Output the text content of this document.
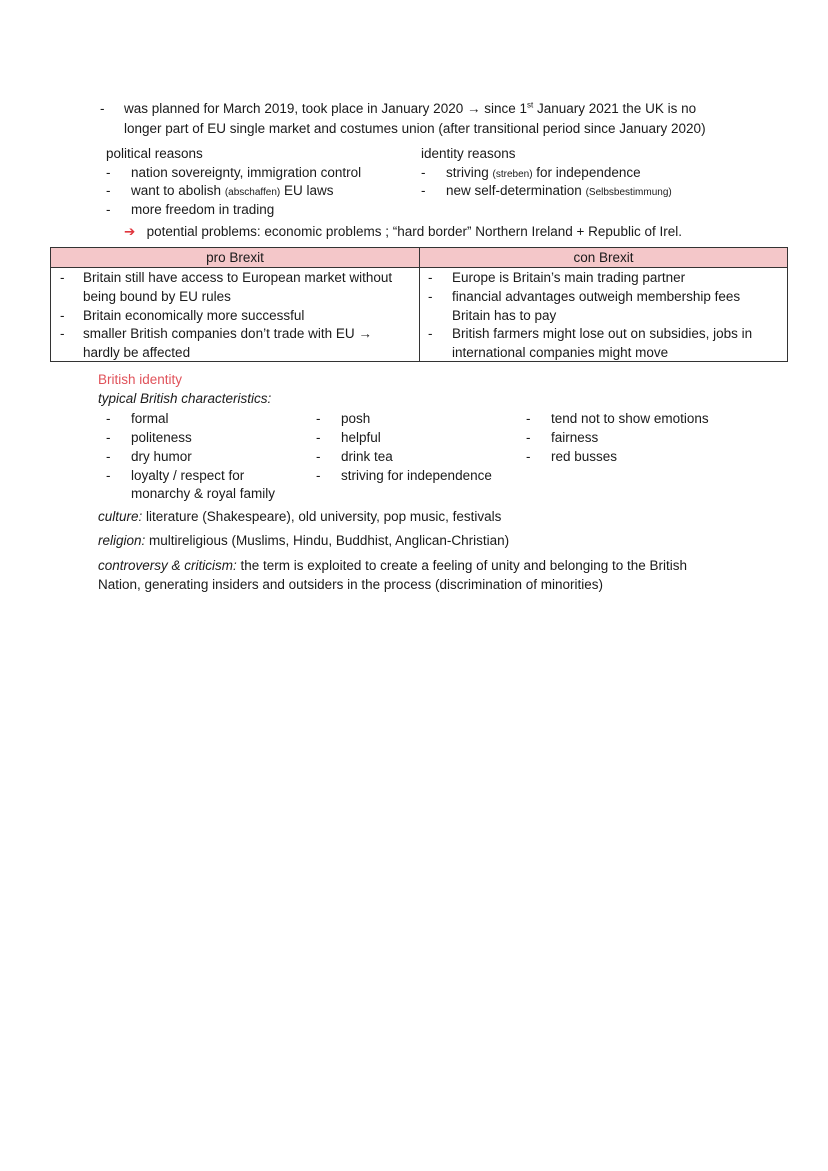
- was planned for March 2019, took place in January 2020 → since 1st January 2021 the UK is no
longer part of EU single market and costumes union (after transitional period since January 2020)
political reasons
- nation sovereignty, immigration control
- want to abolish (abschaffen) EU laws
- more freedom in trading
identity reasons
- striving (streben) for independence
- new self-determination (Selbsbestimmung)
➔ potential problems: economic problems ; “hard border” Northern Ireland + Republic of Irel.
pro Brexit	con Brexit
- Britain still have access to European market without
being bound by EU rules
- Britain economically more successful
- smaller British companies don’t trade with EU →
hardly be affected
- Europe is Britain’s main trading partner
- financial advantages outweigh membership fees
Britain has to pay
- British farmers might lose out on subsidies, jobs in
international companies might move
British identity
typical British characteristics:
- formal
- politeness
- dry humor
- loyalty / respect for
monarchy & royal family
- posh
- helpful
- drink tea
- striving for independence
- tend not to show emotions
- fairness
- red busses
culture: literature (Shakespeare), old university, pop music, festivals
religion: multireligious (Muslims, Hindu, Buddhist, Anglican-Christian)
controversy & criticism: the term is exploited to create a feeling of unity and belonging to the British
Nation, generating insiders and outsiders in the process (discrimination of minorities)
